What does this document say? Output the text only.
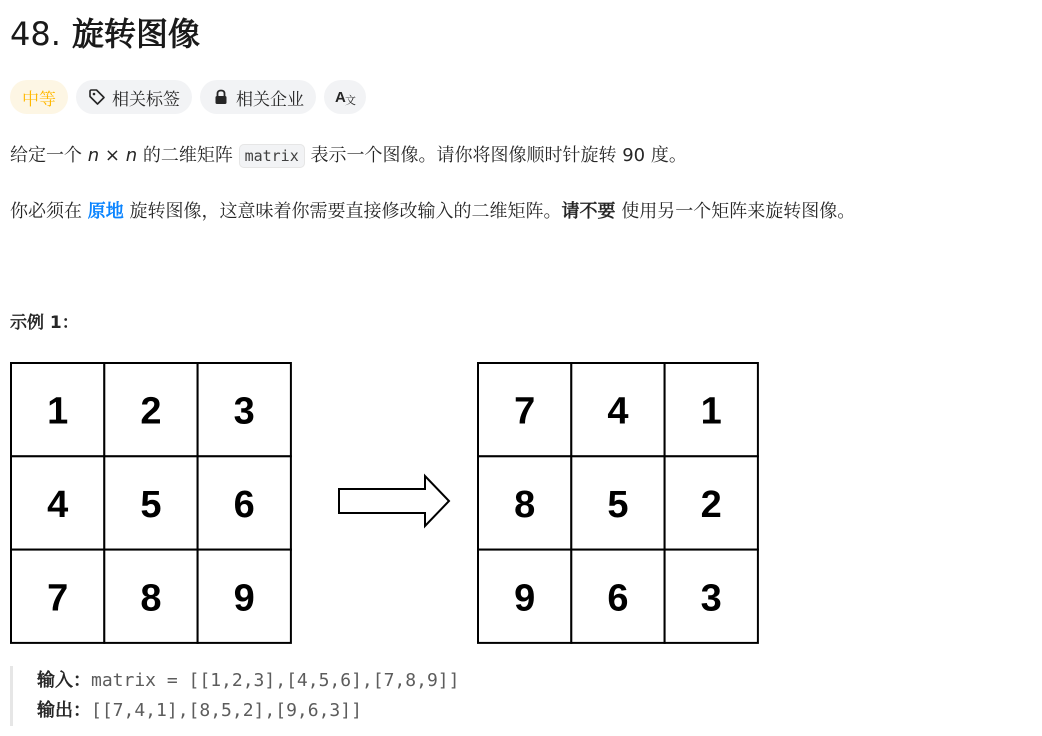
48. 旋转图像
中等	相关标签	相关企业 A 文

给定一个 n × n 的二维矩阵 matrix 表示一个图像。请你将图像顺时针旋转 90 度。

你必须在 原地 旋转图像，这意味着你需要直接修改输入的二维矩阵。请不要 使用另一个矩阵来旋转图像。

示例 1：

1 2 3
4 5 6
7 8 9
7 4 1
8 5 2
9 6 3
输入：matrix = [[1,2,3],[4,5,6],[7,8,9]]
输出：[[7,4,1],[8,5,2],[9,6,3]]
